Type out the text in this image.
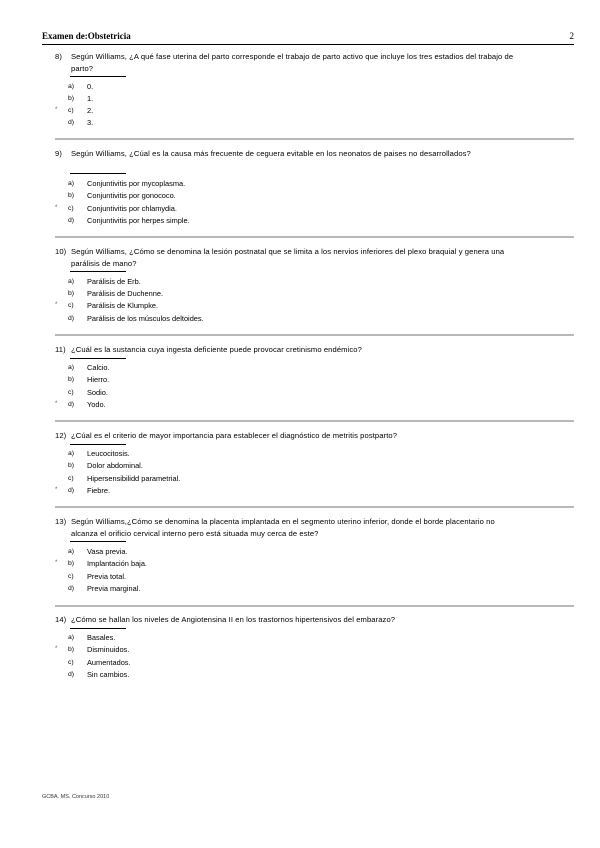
Examen de:Obstetricia	2
8)	Según Williams, ¿A qué fase uterina del parto corresponde el trabajo de parto activo que incluye los tres estadios del trabajo de parto?
a)	0.
b)	1.
*	c)	2.
d)	3.
9)	Según Williams, ¿Cúal es la causa más frecuente de ceguera evitable en los neonatos de paises no desarrollados?
a)	Conjuntivitis por mycoplasma.
b)	Conjuntivitis por gonococo.
*	c)	Conjuntivitis por chlamydia.
d)	Conjuntivitis por herpes simple.
10) Según Williams, ¿Cómo se denomina la lesión postnatal que se limita a los nervios inferiores del plexo braquial y genera una parálisis de mano?
a)	Parálisis de Erb.
b)	Parálisis de Duchenne.
*	c)	Parálisis de Klumpke.
d)	Parálisis de los músculos deltoides.
11) ¿Cuál es la sustancia cuya ingesta deficiente puede provocar cretinismo endémico?
a)	Calcio.
b)	Hierro.
c)	Sodio.
*	d)	Yodo.
12) ¿Cúal es el criterio de mayor importancia para establecer el diagnóstico de metritis postparto?
a)	Leucocitosis.
b)	Dolor abdominal.
c)	Hipersensibilidd parametrial.
*	d)	Fiebre.
13) Según Williams,¿Cómo se denomina la placenta implantada en el segmento uterino inferior, donde el borde placentario no alcanza el orificio cervical interno pero está situada muy cerca de este?
a)	Vasa previa.
*	b)	Implantación baja.
c)	Previa total.
d)	Previa marginal.
14) ¿Cómo se hallan los niveles de Angiotensina II en los trastornos hipertensivos del embarazo?
a)	Basales.
*	b)	Disminuidos.
c)	Aumentados.
d)	Sin cambios.
GCBA. MS. Concurso 2010
